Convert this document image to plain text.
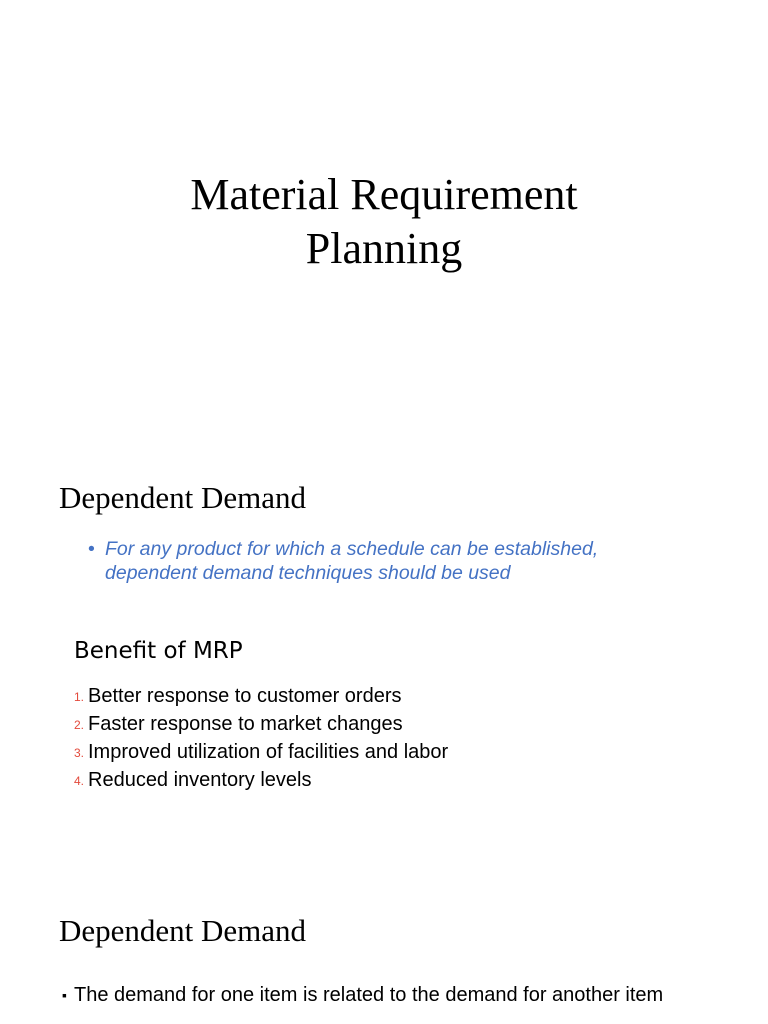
Material Requirement
Planning
Dependent Demand

• For any product for which a schedule can be established, dependent demand techniques should be used

Benefit of MRP
1. Better response to customer orders
2. Faster response to market changes
3. Improved utilization of facilities and labor
4. Reduced inventory levels
Dependent Demand

▪ The demand for one item is related to the demand for another item
